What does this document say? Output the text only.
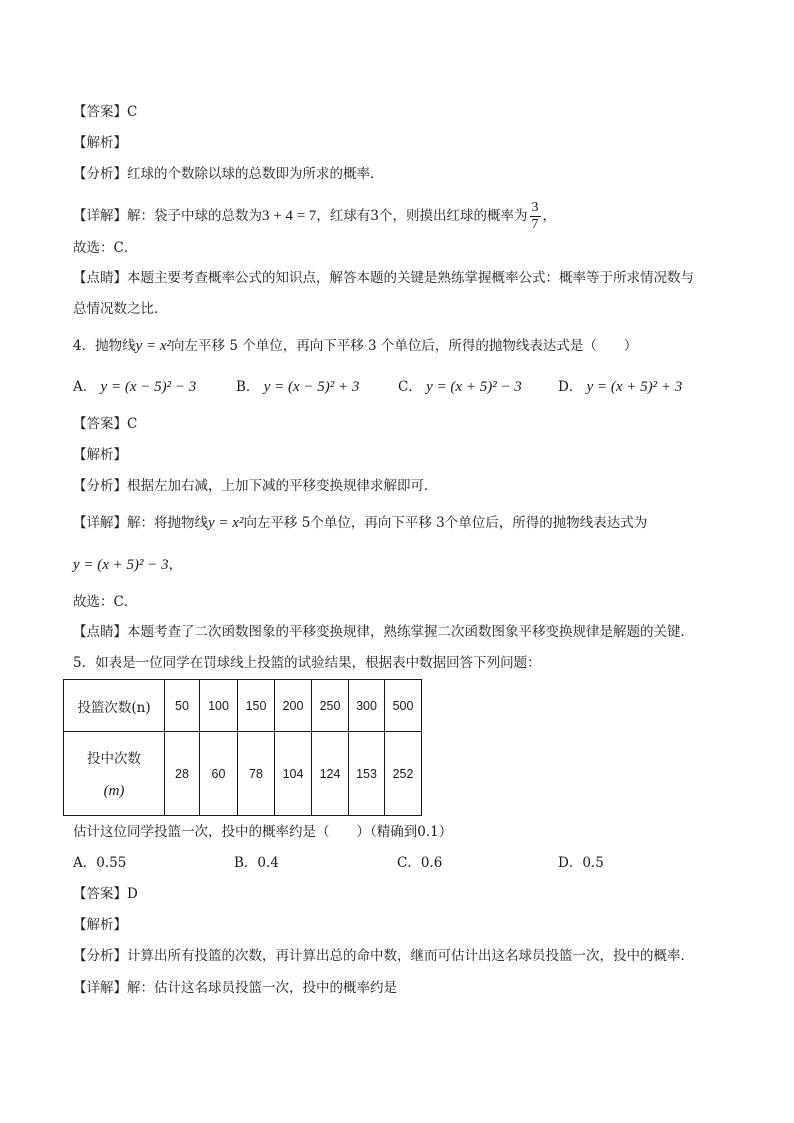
【答案】C
【解析】
【分析】红球的个数除以球的总数即为所求的概率．
【详解】解：袋子中球的总数为3 + 4 = 7，红球有3个，则摸出红球的概率为 $\frac{3}{7}$ ，
故选：C．
【点睛】本题主要考查概率公式的知识点，解答本题的关键是熟练掌握概率公式：概率等于所求情况数与
总情况数之比．
4．抛物线y = x²向左平移 5 个单位，再向下平移 3 个单位后，所得的抛物线表达式是（　　）
A． y = (x − 5)² − 3	B． y = (x − 5)² + 3	C． y = (x + 5)² − 3	D． y = (x + 5)² + 3
【答案】C
【解析】
【分析】根据左加右减，上加下减的平移变换规律求解即可．
【详解】解：将抛物线y = x²向左平移 5个单位，再向下平移 3个单位后，所得的抛物线表达式为
y = (x + 5)² − 3，
故选：C．
【点睛】本题考查了二次函数图象的平移变换规律，熟练掌握二次函数图象平移变换规律是解题的关键．
5．如表是一位同学在罚球线上投篮的试验结果，根据表中数据回答下列问题：
投篮次数(n)	50	100	150	200	250	300	500

投中次数
(m)	28	60	78	104	124	153	252
估计这位同学投篮一次，投中的概率约是（　　）（精确到0.1）
A．0.55	B．0.4	C．0.6	D．0.5
【答案】D
【解析】
【分析】计算出所有投篮的次数，再计算出总的命中数，继而可估计出这名球员投篮一次，投中的概率．
【详解】解：估计这名球员投篮一次，投中的概率约是
